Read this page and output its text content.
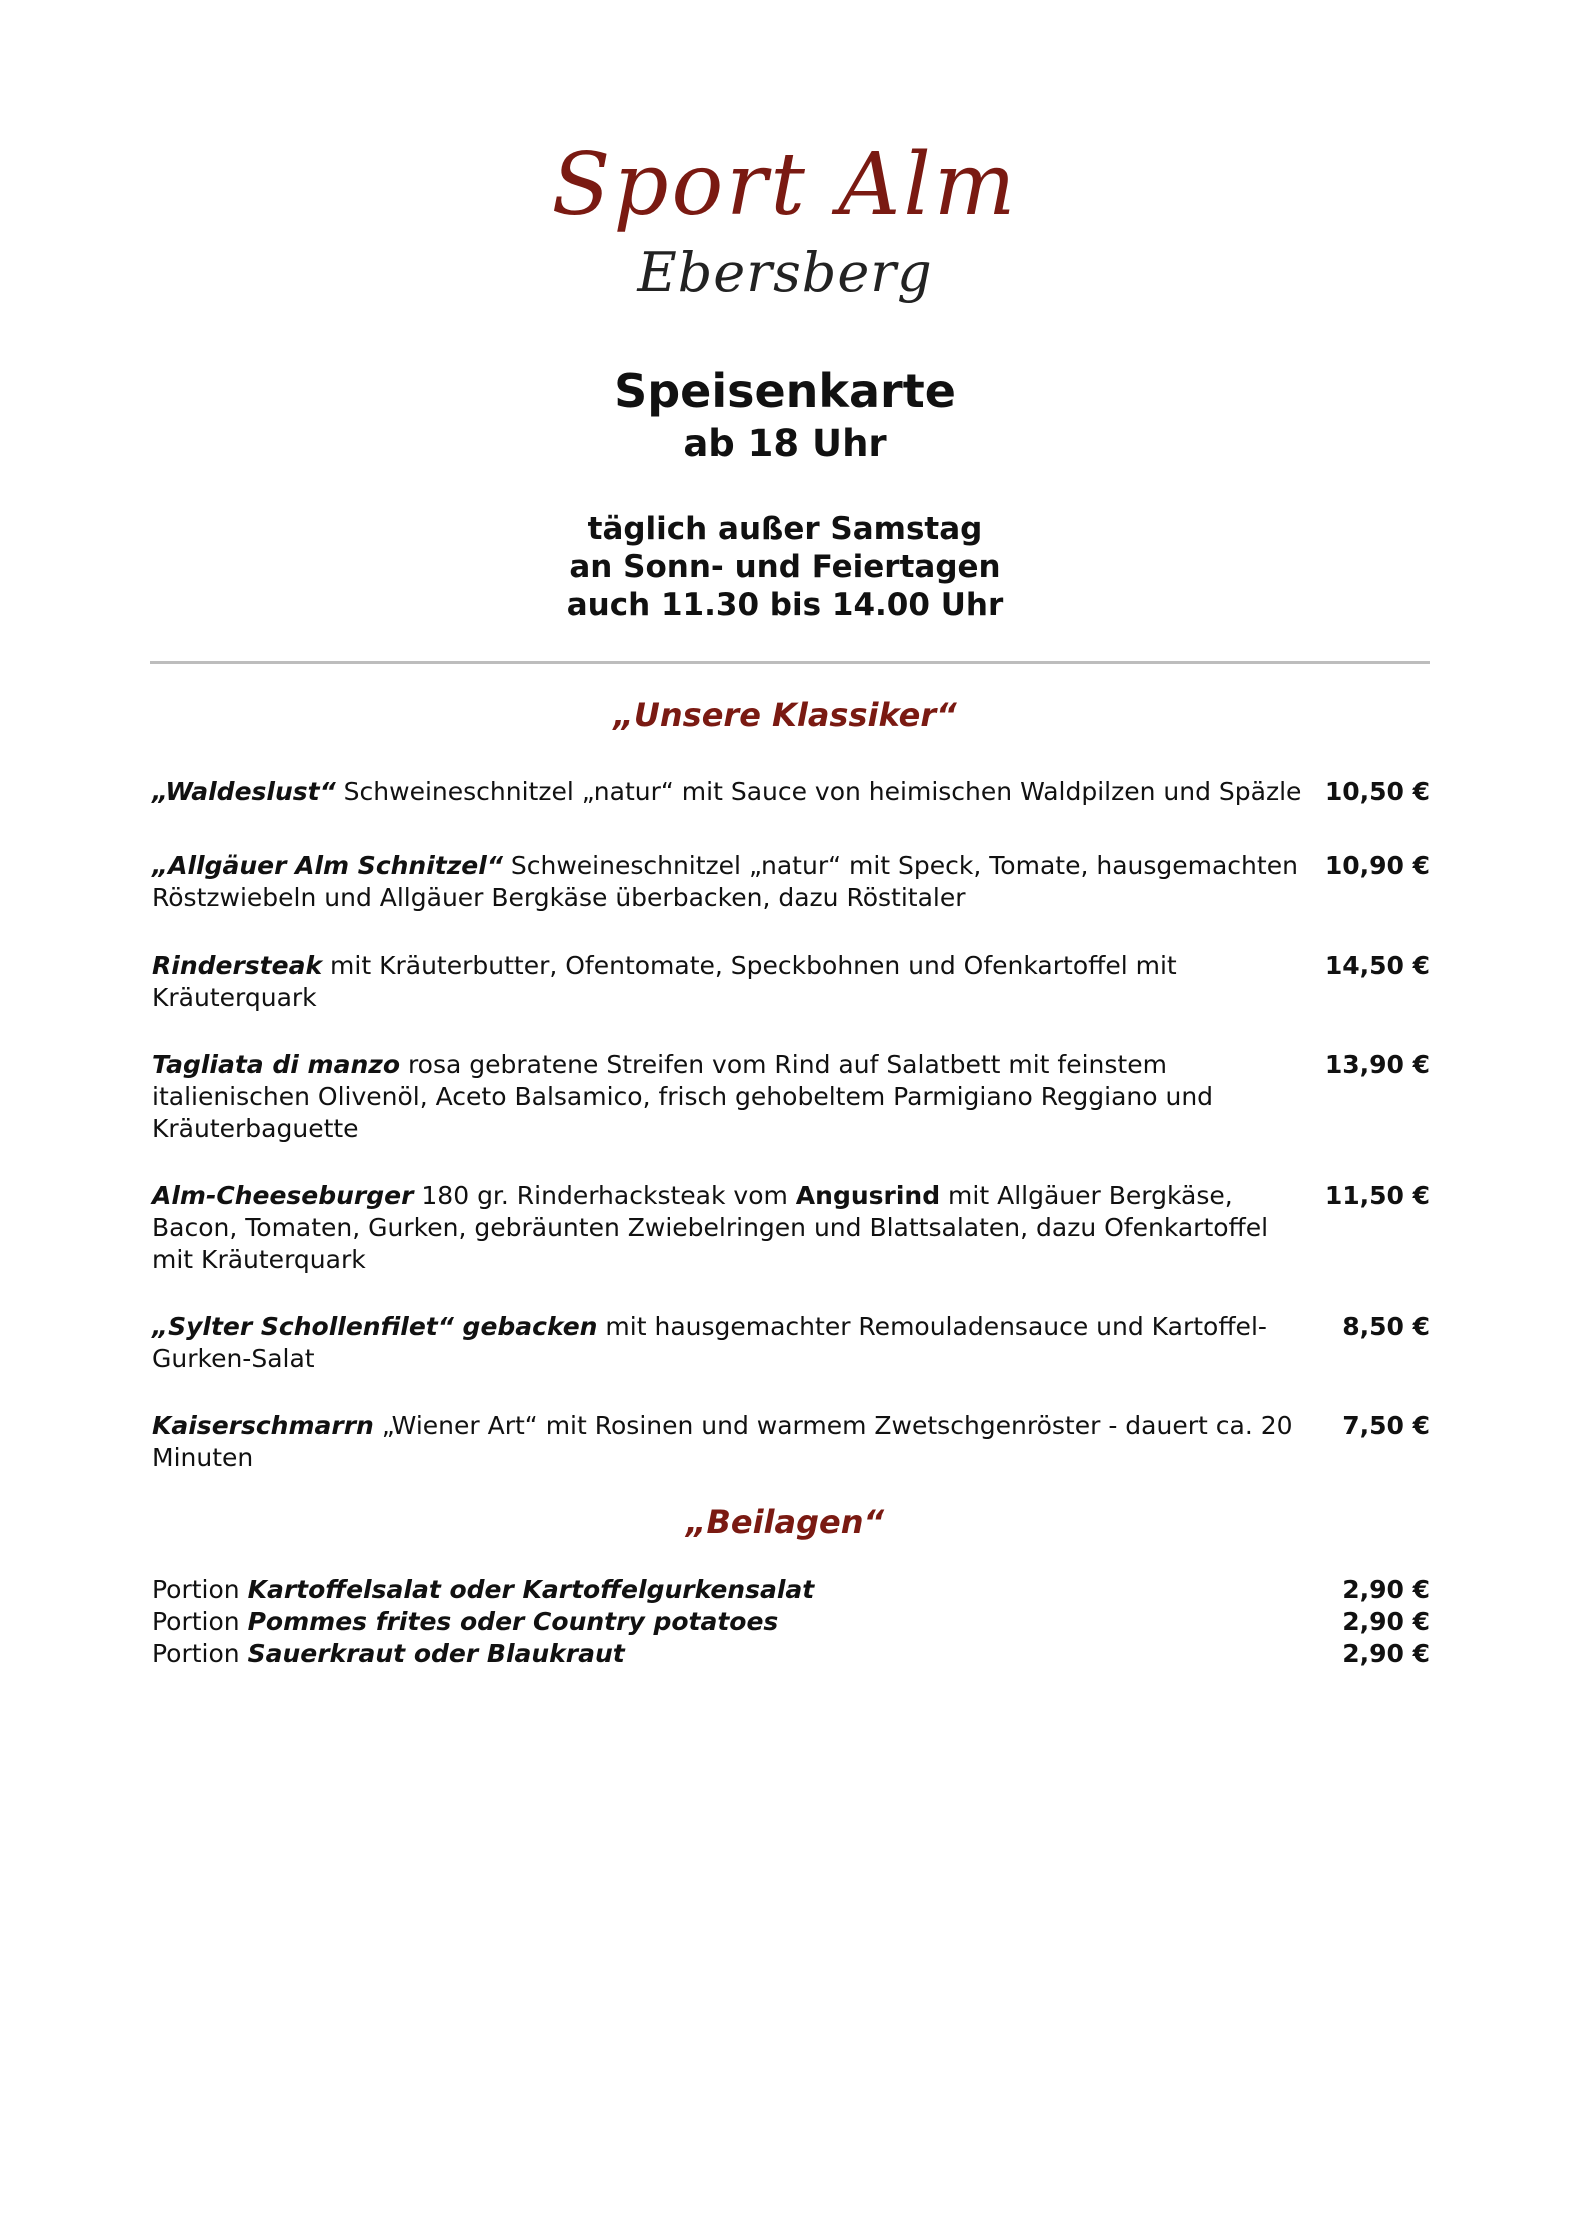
Sport Alm
Ebersberg
Speisenkarte
ab 18 Uhr
täglich außer Samstag
an Sonn- und Feiertagen
auch 11.30 bis 14.00 Uhr
„Unsere Klassiker“
„Waldeslust“ Schweineschnitzel „natur“ mit Sauce von heimischen Waldpilzen und Späzle 10,50 €
„Allgäuer Alm Schnitzel“ Schweineschnitzel „natur“ mit Speck, Tomate, hausgemachten Röstzwiebeln und Allgäuer Bergkäse überbacken, dazu Röstitaler
10,90 €
Rindersteak mit Kräuterbutter, Ofentomate, Speckbohnen und Ofenkartoffel mit Kräuterquark
14,50 €
Tagliata di manzo rosa gebratene Streifen vom Rind auf Salatbett mit feinstem italienischen Olivenöl, Aceto Balsamico, frisch gehobeltem Parmigiano Reggiano und Kräuterbaguette
13,90 €
Alm-Cheeseburger 180 gr. Rinderhacksteak vom Angusrind mit Allgäuer Bergkäse, Bacon, Tomaten, Gurken, gebräunten Zwiebelringen und Blattsalaten, dazu Ofenkartoffel mit Kräuterquark
11,50 €
„Sylter Schollenfilet“ gebacken mit hausgemachter Remouladensauce und Kartoffel-Gurken-Salat
8,50 €
Kaiserschmarrn „Wiener Art“ mit Rosinen und warmem Zwetschgenröster - dauert ca. 20 Minuten
7,50 €
„Beilagen“
Portion Kartoffelsalat oder Kartoffelgurkensalat	2,90 €
Portion Pommes frites oder Country potatoes	2,90 €
Portion Sauerkraut oder Blaukraut	2,90 €
